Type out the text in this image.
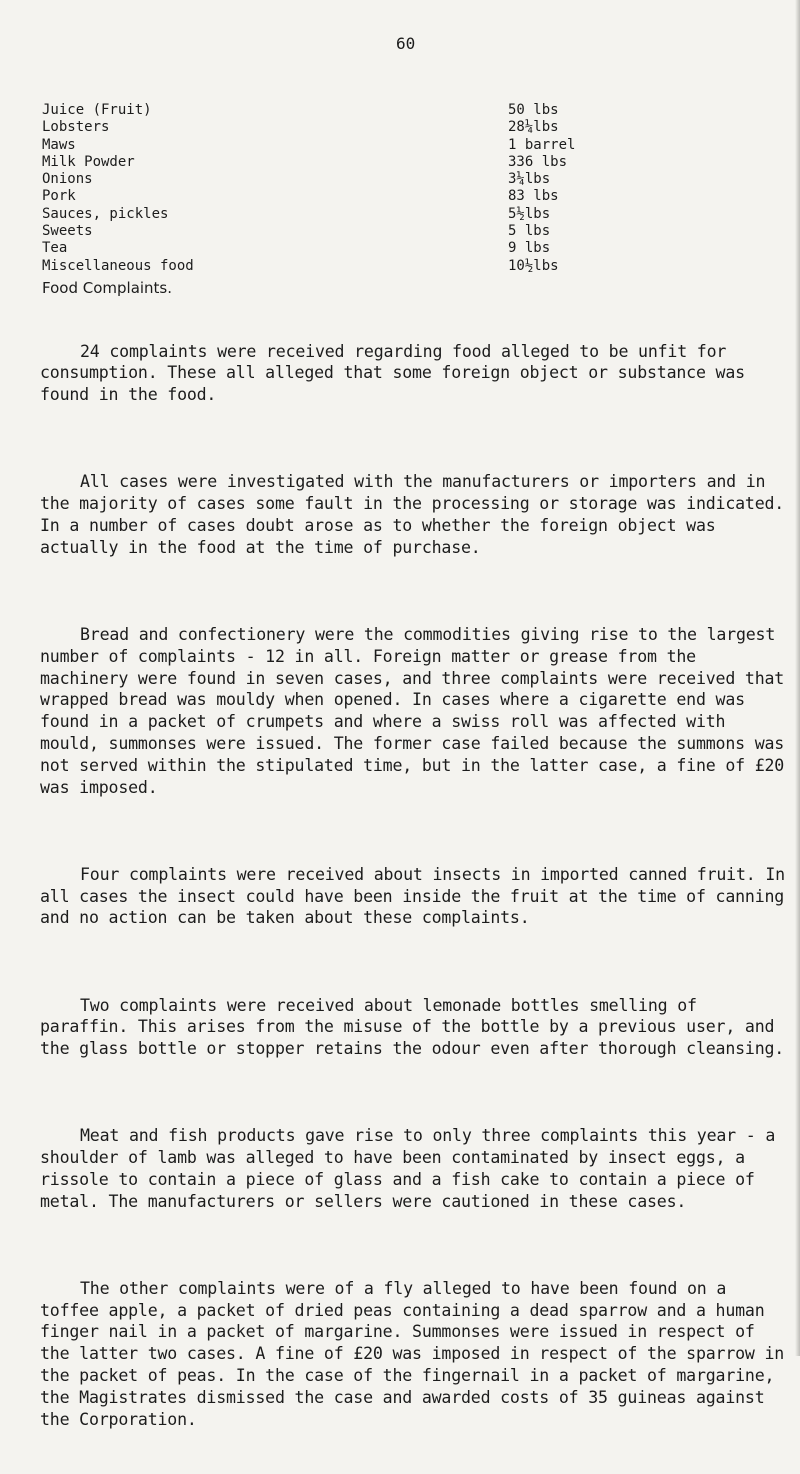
60
Juice (Fruit)	50 lbs
Lobsters	28¼lbs
Maws	1 barrel
Milk Powder	336 lbs
Onions	3¼lbs
Pork	83 lbs
Sauces, pickles	5½lbs
Sweets	5 lbs
Tea	9 lbs
Miscellaneous food	10½lbs
Food Complaints.

24 complaints were received regarding food alleged to be unfit for consumption. These all alleged that some foreign object or substance was found in the food.

All cases were investigated with the manufacturers or importers and in the majority of cases some fault in the processing or storage was indicated. In a number of cases doubt arose as to whether the foreign object was actually in the food at the time of purchase.

Bread and confectionery were the commodities giving rise to the largest number of complaints - 12 in all. Foreign matter or grease from the machinery were found in seven cases, and three complaints were received that wrapped bread was mouldy when opened. In cases where a cigarette end was found in a packet of crumpets and where a swiss roll was affected with mould, summonses were issued. The former case failed because the summons was not served within the stipulated time, but in the latter case, a fine of £20 was imposed.

Four complaints were received about insects in imported canned fruit. In all cases the insect could have been inside the fruit at the time of canning and no action can be taken about these complaints.

Two complaints were received about lemonade bottles smelling of paraffin. This arises from the misuse of the bottle by a previous user, and the glass bottle or stopper retains the odour even after thorough cleansing.

Meat and fish products gave rise to only three complaints this year - a shoulder of lamb was alleged to have been contaminated by insect eggs, a rissole to contain a piece of glass and a fish cake to contain a piece of metal. The manufacturers or sellers were cautioned in these cases.

The other complaints were of a fly alleged to have been found on a toffee apple, a packet of dried peas containing a dead sparrow and a human finger nail in a packet of margarine. Summonses were issued in respect of the latter two cases. A fine of £20 was imposed in respect of the sparrow in the packet of peas. In the case of the fingernail in a packet of margarine, the Magistrates dismissed the case and awarded costs of 35 guineas against the Corporation.
